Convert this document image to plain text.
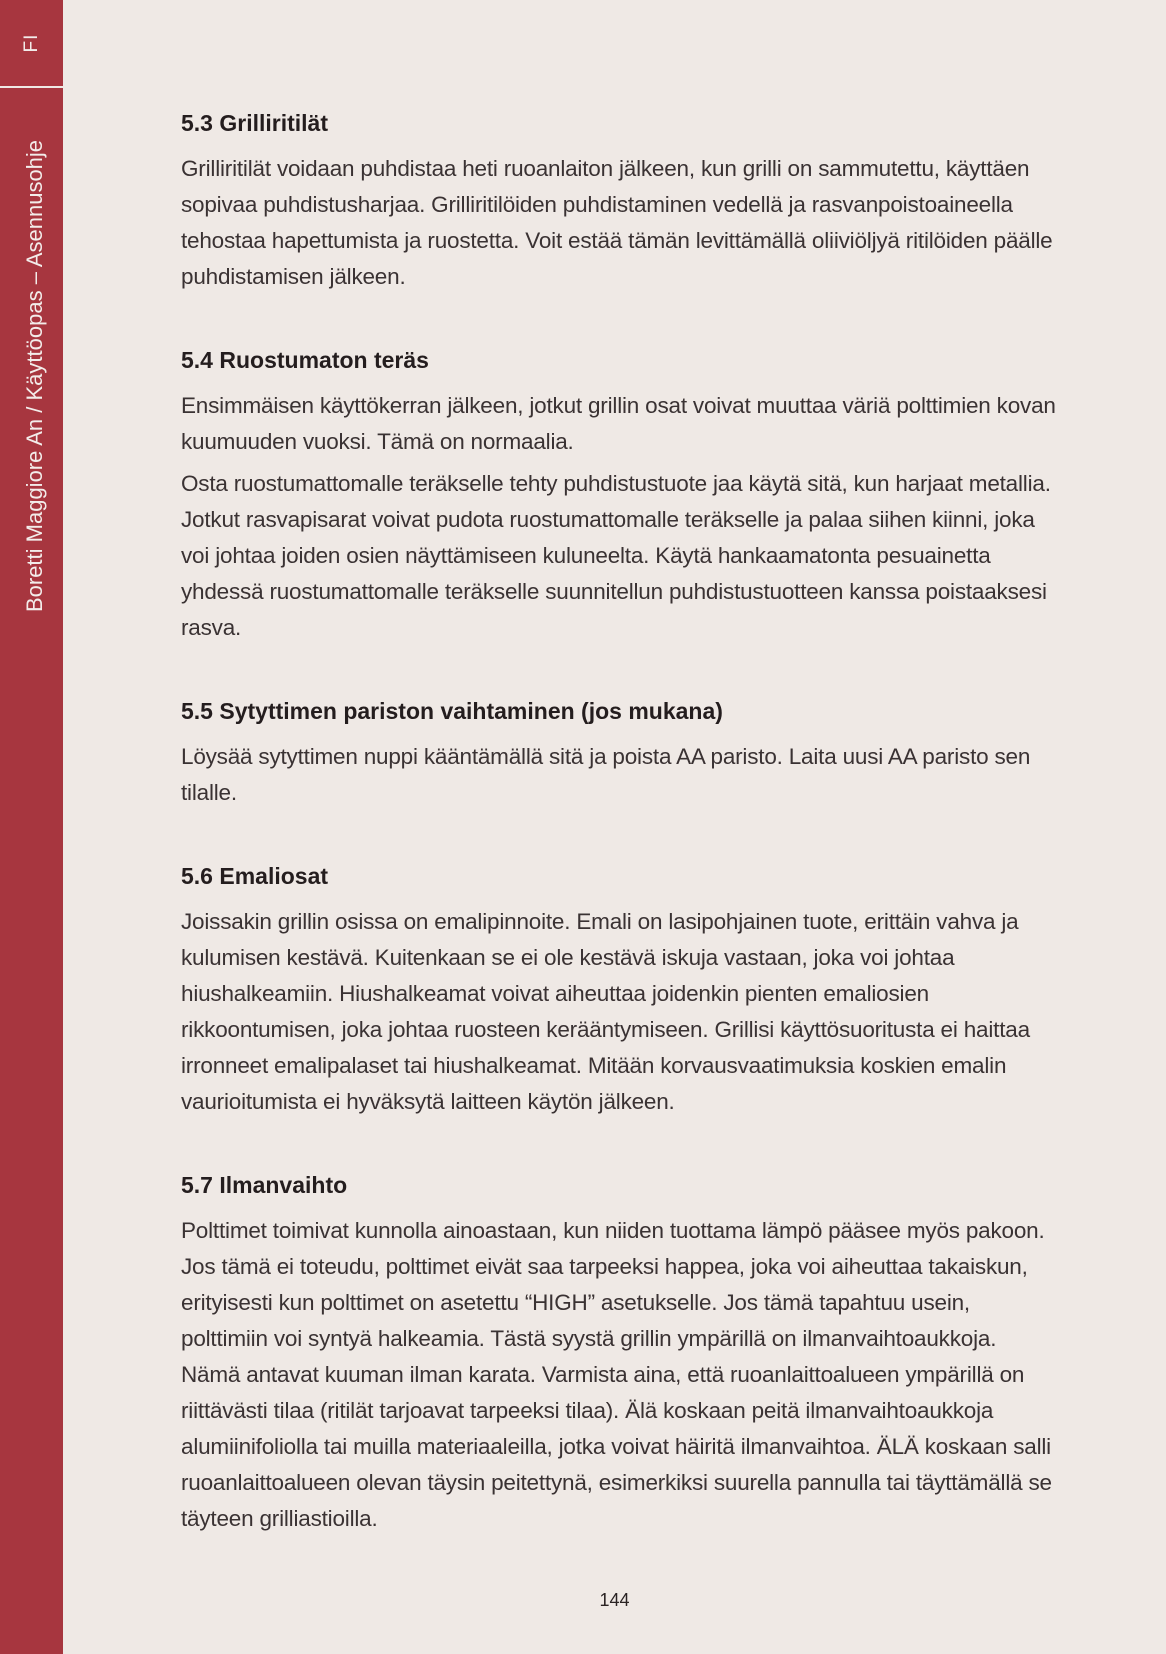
FI
Boretti Maggiore An / Käyttöopas – Asennusohje
5.3 Grilliritilät

Grilliritilät voidaan puhdistaa heti ruoanlaiton jälkeen, kun grilli on sammutettu, käyttäen sopivaa puhdistusharjaa. Grilliritilöiden puhdistaminen vedellä ja rasvanpoistoaineella tehostaa hapettumista ja ruostetta. Voit estää tämän levittämällä oliiviöljyä ritilöiden päälle puhdistamisen jälkeen.

5.4 Ruostumaton teräs

Ensimmäisen käyttökerran jälkeen, jotkut grillin osat voivat muuttaa väriä polttimien kovan kuumuuden vuoksi. Tämä on normaalia.

Osta ruostumattomalle teräkselle tehty puhdistustuote jaa käytä sitä, kun harjaat metallia. Jotkut rasvapisarat voivat pudota ruostumattomalle teräkselle ja palaa siihen kiinni, joka voi johtaa joiden osien näyttämiseen kuluneelta. Käytä hankaamatonta pesuainetta yhdessä ruostumattomalle teräkselle suunnitellun puhdistustuotteen kanssa poistaaksesi rasva.

5.5 Sytyttimen pariston vaihtaminen (jos mukana)

Löysää sytyttimen nuppi kääntämällä sitä ja poista AA paristo. Laita uusi AA paristo sen tilalle.

5.6 Emaliosat

Joissakin grillin osissa on emalipinnoite. Emali on lasipohjainen tuote, erittäin vahva ja kulumisen kestävä. Kuitenkaan se ei ole kestävä iskuja vastaan, joka voi johtaa hiushalkeamiin. Hiushalkeamat voivat aiheuttaa joidenkin pienten emaliosien rikkoontumisen, joka johtaa ruosteen kerääntymiseen. Grillisi käyttösuoritusta ei haittaa irronneet emalipalaset tai hiushalkeamat. Mitään korvausvaatimuksia koskien emalin vaurioitumista ei hyväksytä laitteen käytön jälkeen.

5.7 Ilmanvaihto

Polttimet toimivat kunnolla ainoastaan, kun niiden tuottama lämpö pääsee myös pakoon. Jos tämä ei toteudu, polttimet eivät saa tarpeeksi happea, joka voi aiheuttaa takaiskun, erityisesti kun polttimet on asetettu “HIGH” asetukselle. Jos tämä tapahtuu usein, polttimiin voi syntyä halkeamia. Tästä syystä grillin ympärillä on ilmanvaihtoaukkoja. Nämä antavat kuuman ilman karata. Varmista aina, että ruoanlaittoalueen ympärillä on riittävästi tilaa (ritilät tarjoavat tarpeeksi tilaa). Älä koskaan peitä ilmanvaihtoaukkoja alumiinifoliolla tai muilla materiaaleilla, jotka voivat häiritä ilmanvaihtoa. ÄLÄ koskaan salli ruoanlaittoalueen olevan täysin peitettynä, esimerkiksi suurella pannulla tai täyttämällä se täyteen grilliastioilla.

144
